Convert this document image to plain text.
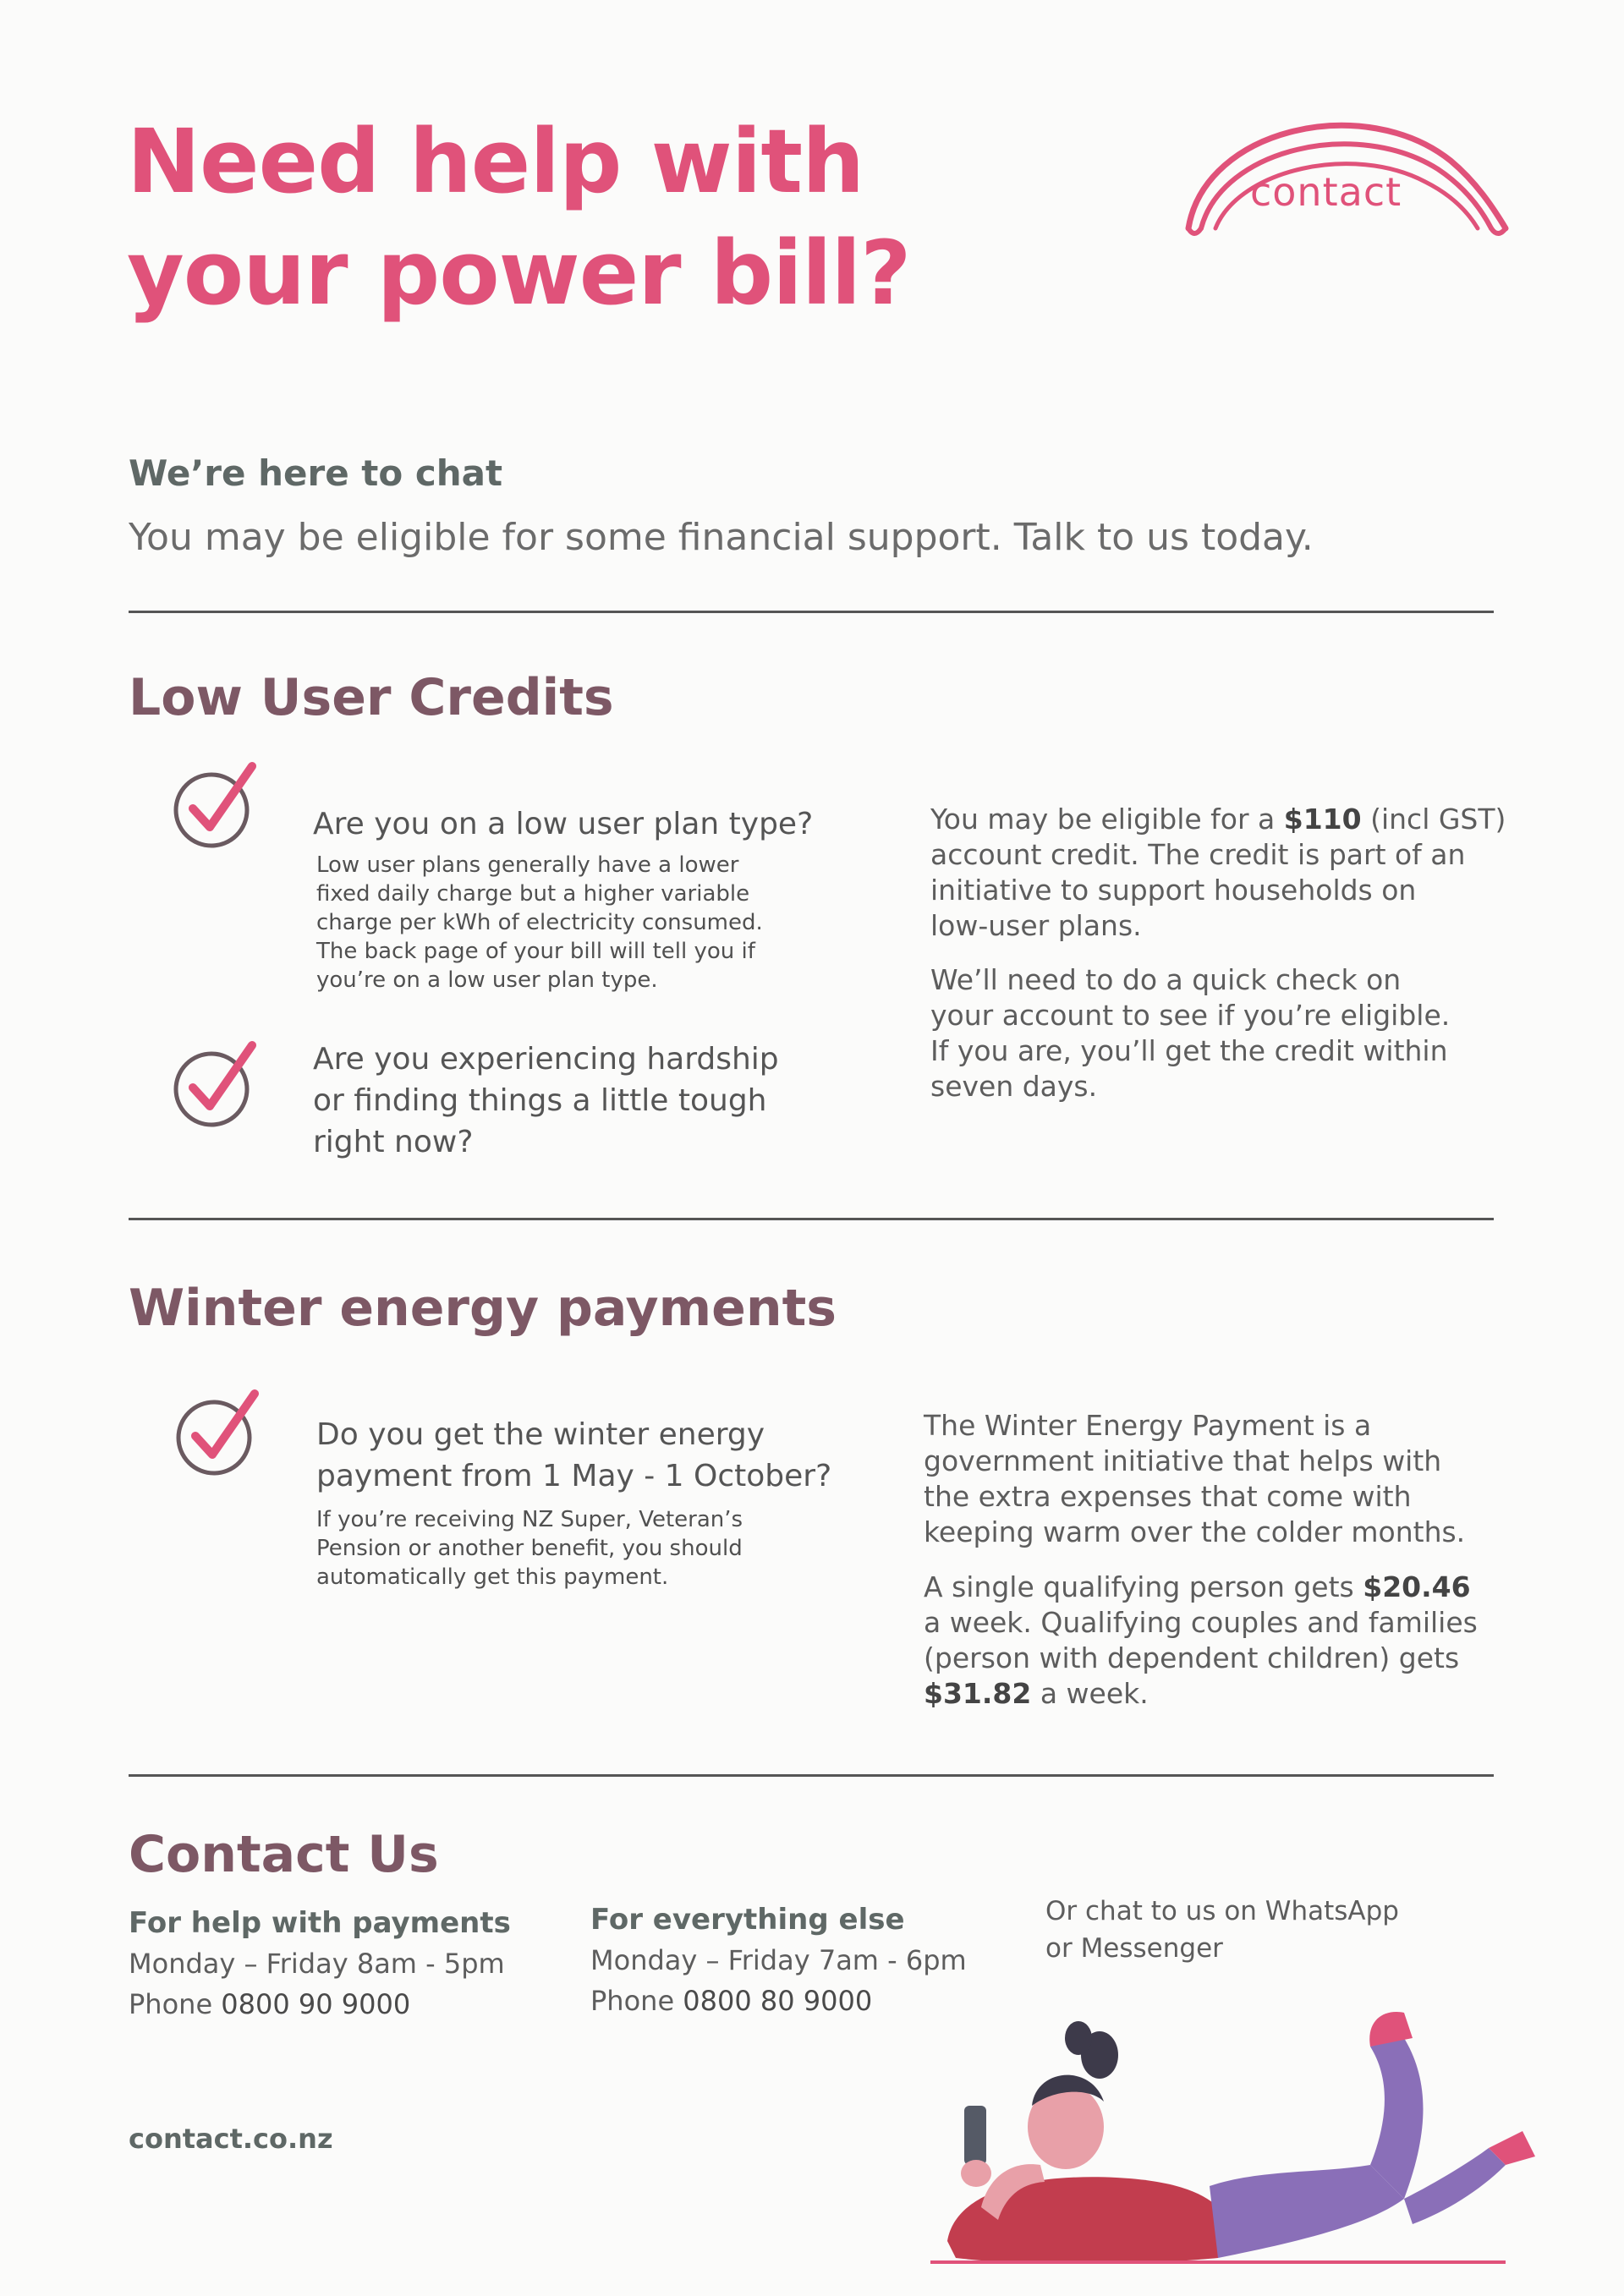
Need help with
your power bill?
contact
We’re here to chat

You may be eligible for some financial support. Talk to us today.

Low User Credits
Are you on a low user plan type?
Low user plans generally have a lower
fixed daily charge but a higher variable
charge per kWh of electricity consumed.
The back page of your bill will tell you if
you’re on a low user plan type.
Are you experiencing hardship
or finding things a little tough
right now?

You may be eligible for a $110 (incl GST)
account credit. The credit is part of an
initiative to support households on
low-user plans.

We’ll need to do a quick check on
your account to see if you’re eligible.
If you are, you’ll get the credit within
seven days.

Winter energy payments
Do you get the winter energy
payment from 1 May - 1 October?
If you’re receiving NZ Super, Veteran’s
Pension or another benefit, you should
automatically get this payment.

The Winter Energy Payment is a
government initiative that helps with
the extra expenses that come with
keeping warm over the colder months.

A single qualifying person gets $20.46
a week. Qualifying couples and families
(person with dependent children) gets
$31.82 a week.

Contact Us
For help with payments
Monday – Friday 8am - 5pm
Phone 0800 90 9000
For everything else
Monday – Friday 7am - 6pm
Phone 0800 80 9000
Or chat to us on WhatsApp
or Messenger
contact.co.nz
